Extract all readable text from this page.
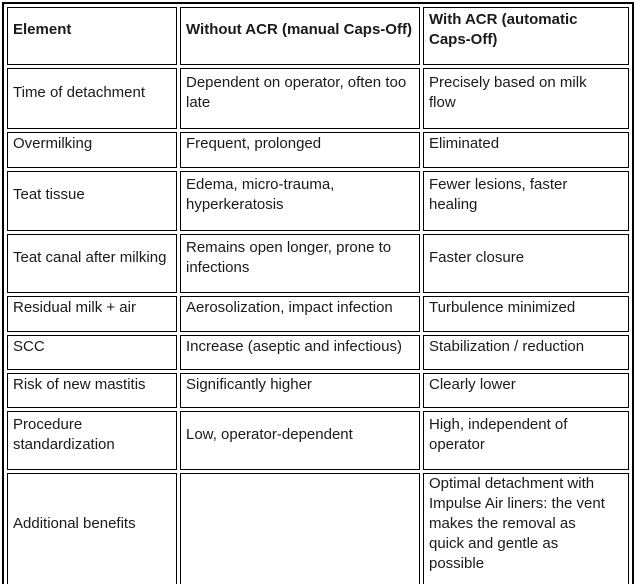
Element	Without ACR (manual Caps-Off)	With ACR (automatic Caps-Off)
Time of detachment	Dependent on operator, often too late	Precisely based on milk flow
Overmilking	Frequent, prolonged	Eliminated
Teat tissue	Edema, micro-trauma, hyperkeratosis	Fewer lesions, faster healing
Teat canal after milking	Remains open longer, prone to infections	Faster closure
Residual milk + air	Aerosolization, impact infection	Turbulence minimized
SCC	Increase (aseptic and infectious)	Stabilization / reduction
Risk of new mastitis	Significantly higher	Clearly lower
Procedure standardization	Low, operator-dependent	High, independent of operator
Additional benefits		Optimal detachment with Impulse Air liners: the vent makes the removal as quick and gentle as possible
